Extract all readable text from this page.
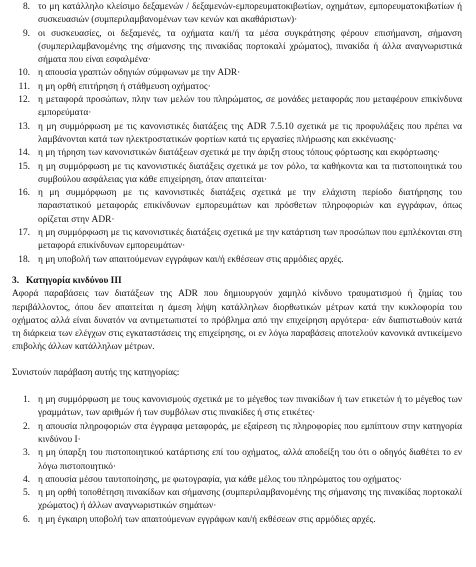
8. το μη κατάλληλο κλείσιμο δεξαμενών / δεξαμενών-εμπορευματοκιβωτίων, οχημάτων, εμπορευματοκιβωτίων ή συσκευασιών (συμπεριλαμβανομένων των κενών και ακαθάριστων)·
9. οι συσκευασίες, οι δεξαμενές, τα οχήματα και/ή τα μέσα συγκράτησης φέρουν επισήμανση, σήμανση (συμπεριλαμβανομένης της σήμανσης της πινακίδας πορτοκαλί χρώματος), πινακίδα ή άλλα αναγνωριστικά σήματα που είναι εσφαλμένα·
10. η απουσία γραπτών οδηγιών σύμφωνων με την ADR·
11. η μη ορθή επιτήρηση ή στάθμευση οχήματος·
12. η μεταφορά προσώπων, πλην των μελών του πληρώματος, σε μονάδες μεταφοράς που μεταφέρουν επικίνδυνα εμπορεύματα·
13. η μη συμμόρφωση με τις κανονιστικές διατάξεις της ADR 7.5.10 σχετικά με τις προφυλάξεις που πρέπει να λαμβάνονται κατά των ηλεκτροστατικών φορτίων κατά τις εργασίες πλήρωσης και εκκένωσης·
14. η μη τήρηση των κανονιστικών διατάξεων σχετικά με την άφιξη στους τόπους φόρτωσης και εκφόρτωσης·
15. η μη συμμόρφωση με τις κανονιστικές διατάξεις σχετικά με τον ρόλο, τα καθήκοντα και τα πιστοποιητικά του συμβούλου ασφάλειας για κάθε επιχείρηση, όταν απαιτείται·
16. η μη συμμόρφωση με τις κανονιστικές διατάξεις σχετικά με την ελάχιστη περίοδο διατήρησης του παραστατικού μεταφοράς επικίνδυνων εμπορευμάτων και πρόσθετων πληροφοριών και εγγράφων, όπως ορίζεται στην ADR·
17. η μη συμμόρφωση με τις κανονιστικές διατάξεις σχετικά με την κατάρτιση των προσώπων που εμπλέκονται στη μεταφορά επικίνδυνων εμπορευμάτων·
18. η μη υποβολή των απαιτούμενων εγγράφων και/ή εκθέσεων στις αρμόδιες αρχές.
3. Κατηγορία κινδύνου III

Αφορά παραβάσεις των διατάξεων της ADR που δημιουργούν χαμηλό κίνδυνο τραυματισμού ή ζημίας του περιβάλλοντος, όπου δεν απαιτείται η άμεση λήψη κατάλληλων διορθωτικών μέτρων κατά την κυκλοφορία του οχήματος αλλά είναι δυνατόν να αντιμετωπιστεί το πρόβλημα από την επιχείρηση αργότερα· εάν διαπιστωθούν κατά τη διάρκεια των ελέγχων στις εγκαταστάσεις της επιχείρησης, οι εν λόγω παραβάσεις αποτελούν κανονικά αντικείμενο επιβολής άλλων κατάλληλων μέτρων.

Συνιστούν παράβαση αυτής της κατηγορίας:

1. η μη συμμόρφωση με τους κανονισμούς σχετικά με το μέγεθος των πινακίδων ή των ετικετών ή το μέγεθος των γραμμάτων, των αριθμών ή των συμβόλων στις πινακίδες ή στις ετικέτες·
2. η απουσία πληροφοριών στα έγγραφα μεταφοράς, με εξαίρεση τις πληροφορίες που εμπίπτουν στην κατηγορία κινδύνου I·
3. η μη ύπαρξη του πιστοποιητικού κατάρτισης επί του οχήματος, αλλά αποδείξη του ότι ο οδηγός διαθέτει το εν λόγω πιστοποιητικό·
4. η απουσία μέσου ταυτοποίησης, με φωτογραφία, για κάθε μέλος του πληρώματος του οχήματος·
5. η μη ορθή τοποθέτηση πινακίδων και σήμανσης (συμπεριλαμβανομένης της σήμανσης της πινακίδας πορτοκαλί χρώματος) ή άλλων αναγνωριστικών σημάτων·
6. η μη έγκαιρη υποβολή των απαιτούμενων εγγράφων και/ή εκθέσεων στις αρμόδιες αρχές.
